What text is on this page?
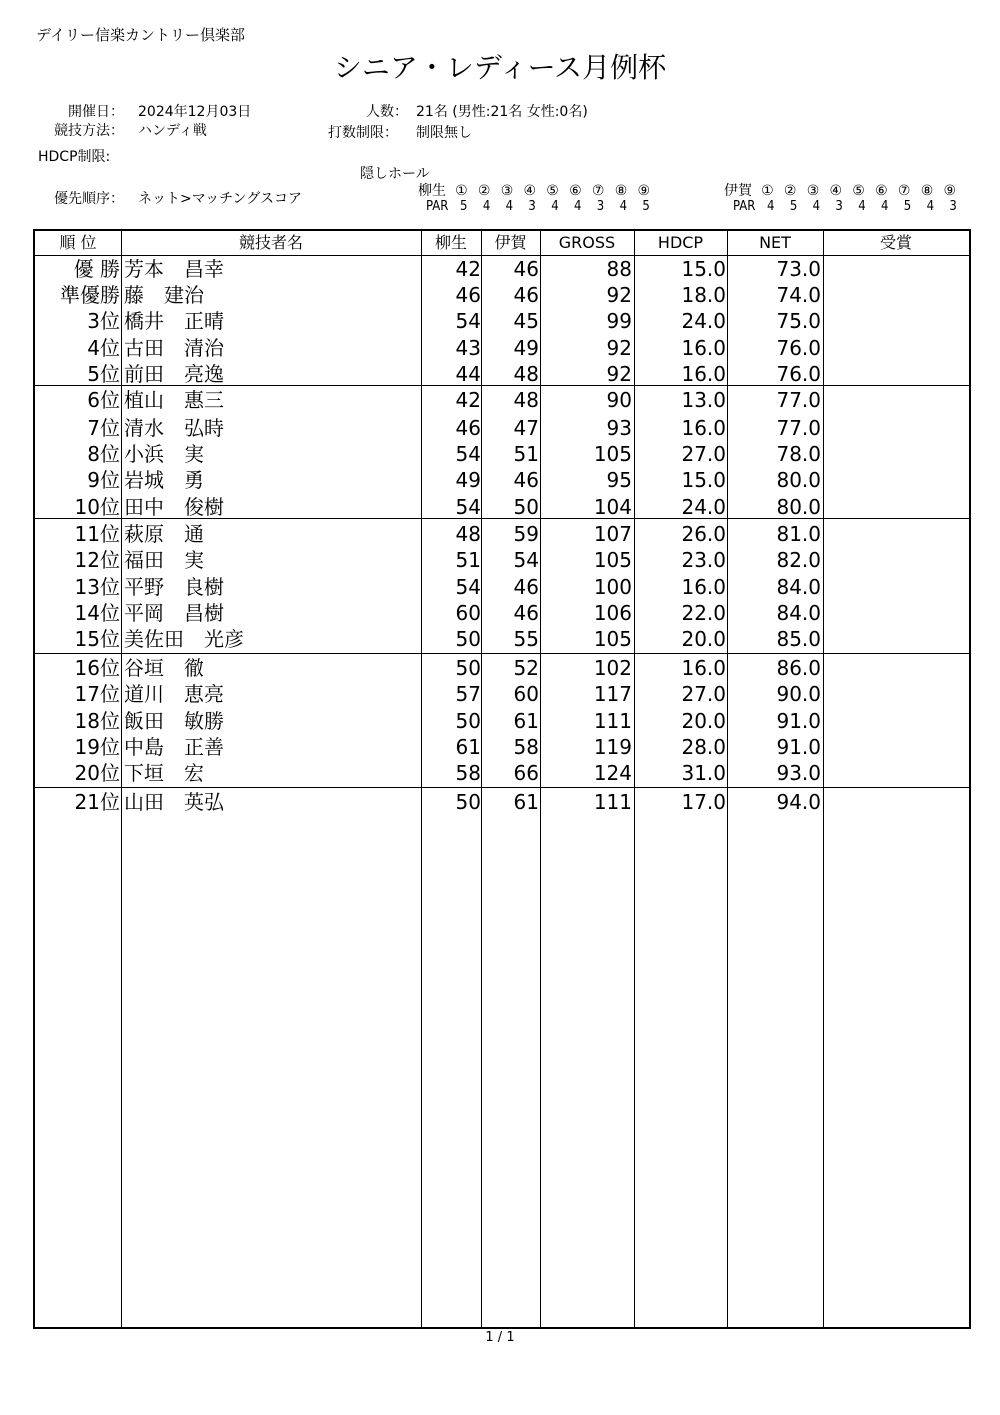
デイリー信楽カントリー倶楽部
シニア・レディース月例杯
開催日： 2024年12月03日
競技方法： ハンディ戦
HDCP制限:
人数： 21名 (男性:21名 女性:0名)
打数制限： 制限無し
隠しホール
優先順序： ネット>マッチングスコア	柳生 ① ② ③ ④ ⑤ ⑥ ⑦ ⑧ ⑨
PAR 5 4 4 3 4 4 3 4 5
伊賀 ① ② ③ ④ ⑤ ⑥ ⑦ ⑧ ⑨
PAR 4 5 4 3 4 4 5 4 3
順 位	競技者名	柳生	伊賀	GROSS	HDCP	NET	受賞
優 勝 芳本　昌幸	42	46	88	15.0	73.0
準優勝 藤　建治	46	46	92	18.0	74.0
3位 橋井　正晴	54	45	99	24.0	75.0
4位 古田　清治	43	49	92	16.0	76.0
5位 前田　亮逸	44	48	92	16.0	76.0
6位 植山　惠三	42	48	90	13.0	77.0
7位 清水　弘時	46	47	93	16.0	77.0
8位 小浜　実	54	51	105	27.0	78.0
9位 岩城　勇	49	46	95	15.0	80.0
10位 田中　俊樹	54	50	104	24.0	80.0
11位 萩原　通	48	59	107	26.0	81.0
12位 福田　実	51	54	105	23.0	82.0
13位 平野　良樹	54	46	100	16.0	84.0
14位 平岡　昌樹	60	46	106	22.0	84.0
15位 美佐田　光彦	50	55	105	20.0	85.0
16位 谷垣　徹	50	52	102	16.0	86.0
17位 道川　恵亮	57	60	117	27.0	90.0
18位 飯田　敏勝	50	61	111	20.0	91.0
19位 中島　正善	61	58	119	28.0	91.0
20位 下垣　宏	58	66	124	31.0	93.0
21位 山田　英弘	50	61	111	17.0	94.0
1 / 1
